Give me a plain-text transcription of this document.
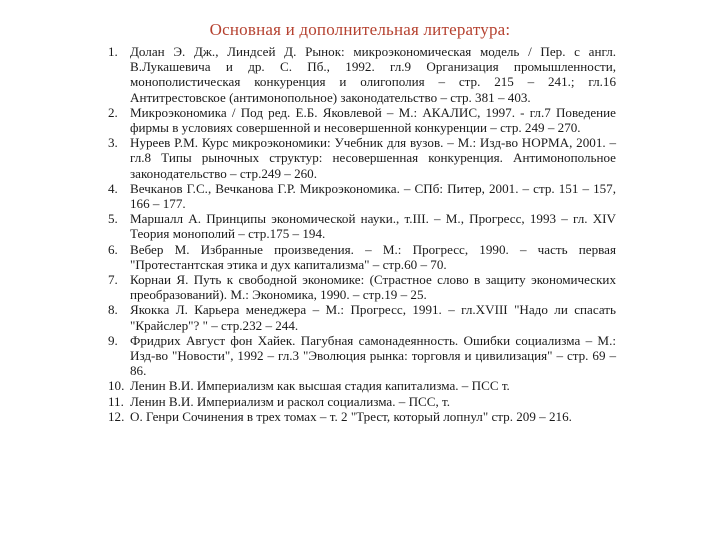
Основная и дополнительная литература:
1. Долан Э. Дж., Линдсей Д. Рынок: микроэкономическая модель / Пер. с англ. В.Лукашевича и др. С. Пб., 1992. гл.9 Организация промышленности, монополистическая конкуренция и олигополия – стр. 215 – 241.; гл.16 Антитрестовское (антимонопольное) законодательство – стр. 381 – 403.
2. Микроэкономика / Под ред. Е.Б. Яковлевой – М.: АКАЛИС, 1997. - гл.7 Поведение фирмы в условиях совершенной и несовершенной конкуренции – стр. 249 – 270.
3. Нуреев Р.М. Курс микроэкономики: Учебник для вузов. – М.: Изд-во НОРМА, 2001. – гл.8 Типы рыночных структур: несовершенная конкуренция. Антимонопольное законодательство – стр.249 – 260.
4. Вечканов Г.С., Вечканова Г.Р. Микроэкономика. – СПб: Питер, 2001. – стр. 151 – 157, 166 – 177.
5. Маршалл А. Принципы экономической науки., т.III. – М., Прогресс, 1993 – гл. XIV Теория монополий – стр.175 – 194.
6. Вебер М. Избранные произведения. – М.: Прогресс, 1990. – часть первая "Протестантская этика и дух капитализма" – стр.60 – 70.
7. Корнаи Я. Путь к свободной экономике: (Страстное слово в защиту экономических преобразований). М.: Экономика, 1990. – стр.19 – 25.
8. Якокка Л. Карьера менеджера – М.: Прогресс, 1991. – гл.XVIII "Надо ли спасать "Крайслер"? " – стр.232 – 244.
9. Фридрих Август фон Хайек. Пагубная самонадеянность. Ошибки социализма – М.: Изд-во "Новости", 1992 – гл.3 "Эволюция рынка: торговля и цивилизация" – стр. 69 – 86.
10. Ленин В.И. Империализм как высшая стадия капитализма. – ПСС т.
11. Ленин В.И. Империализм и раскол социализма. – ПСС, т.
12. О. Генри Сочинения в трех томах – т. 2 "Трест, который лопнул" стр. 209 – 216.
